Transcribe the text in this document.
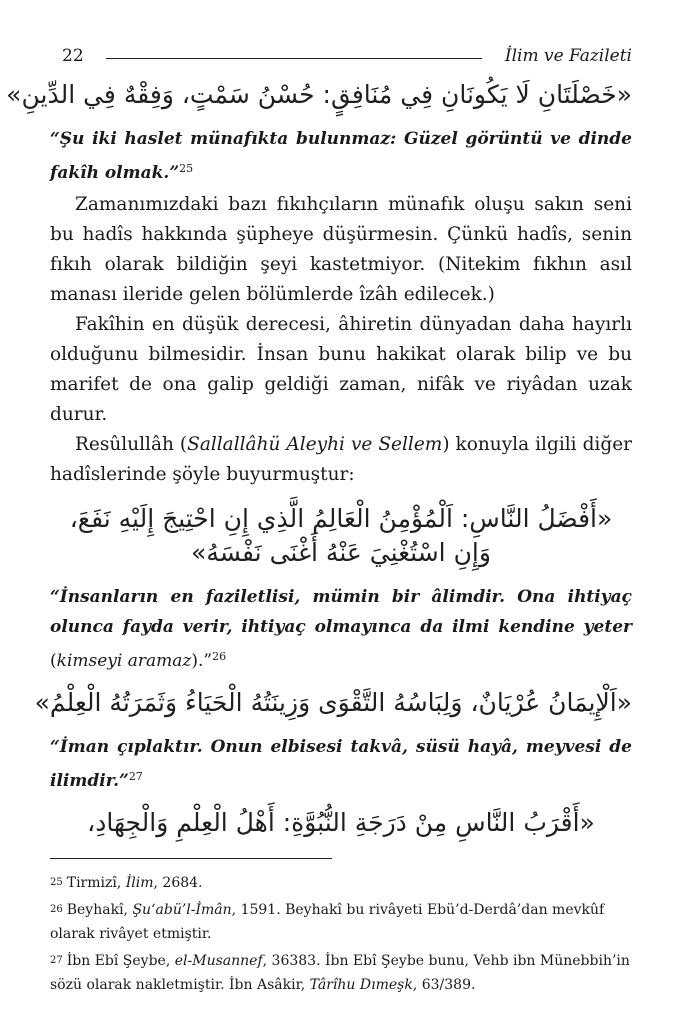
22	İlim ve Fazileti

«خَصْلَتَانِ لَا يَكُونَانِ فِي مُنَافِقٍ: حُسْنُ سَمْتٍ، وَفِقْهٌ فِي الدِّينِ»

“Şu iki haslet münafıkta bulunmaz: Güzel görüntü ve dinde fakîh olmak.”$^{25}$

Zamanımızdaki bazı fıkıhçıların münafık oluşu sakın seni bu hadîs hakkında şüpheye düşürmesin. Çünkü hadîs, senin fıkıh olarak bildiğin şeyi kastetmiyor. (Nitekim fıkhın asıl manası ileride gelen bölümlerde îzâh edilecek.)

Fakîhin en düşük derecesi, âhiretin dünyadan daha hayırlı olduğunu bilmesidir. İnsan bunu hakikat olarak bilip ve bu marifet de ona galip geldiği zaman, nifâk ve riyâdan uzak durur.

Resûlullâh (Sallallâhü Aleyhi ve Sellem) konuyla ilgili diğer hadîslerinde şöyle buyurmuştur:

«أَفْضَلُ النَّاسِ: اَلْمُؤْمِنُ الْعَالِمُ الَّذِي إِنِ احْتِيجَ إِلَيْهِ نَفَعَ،
وَإِنِ اسْتُغْنِيَ عَنْهُ أَغْنَى نَفْسَهُ»

“İnsanların en faziletlisi, mümin bir âlimdir. Ona ihtiyaç olunca fayda verir, ihtiyaç olmayınca da ilmi kendine yeter (kimseyi aramaz).”$^{26}$

«اَلْإِيمَانُ عُرْيَانٌ، وَلِبَاسُهُ التَّقْوَى وَزِينَتُهُ الْحَيَاءُ وَثَمَرَتُهُ الْعِلْمُ»

“İman çıplaktır. Onun elbisesi takvâ, süsü hayâ, meyvesi de ilimdir.”$^{27}$

«أَقْرَبُ النَّاسِ مِنْ دَرَجَةِ النُّبُوَّةِ: أَهْلُ الْعِلْمِ وَالْجِهَادِ،

25 Tirmizî, İlim, 2684.

26 Beyhakî, Şu‘abü’l-İmân, 1591. Beyhakî bu rivâyeti Ebü’d-Derdâ’dan mevkûf olarak rivâyet etmiştir.

27 İbn Ebî Şeybe, el-Musannef, 36383. İbn Ebî Şeybe bunu, Vehb ibn Münebbih’in sözü olarak nakletmiştir. İbn Asâkir, Târîhu Dımeşk, 63/389.
